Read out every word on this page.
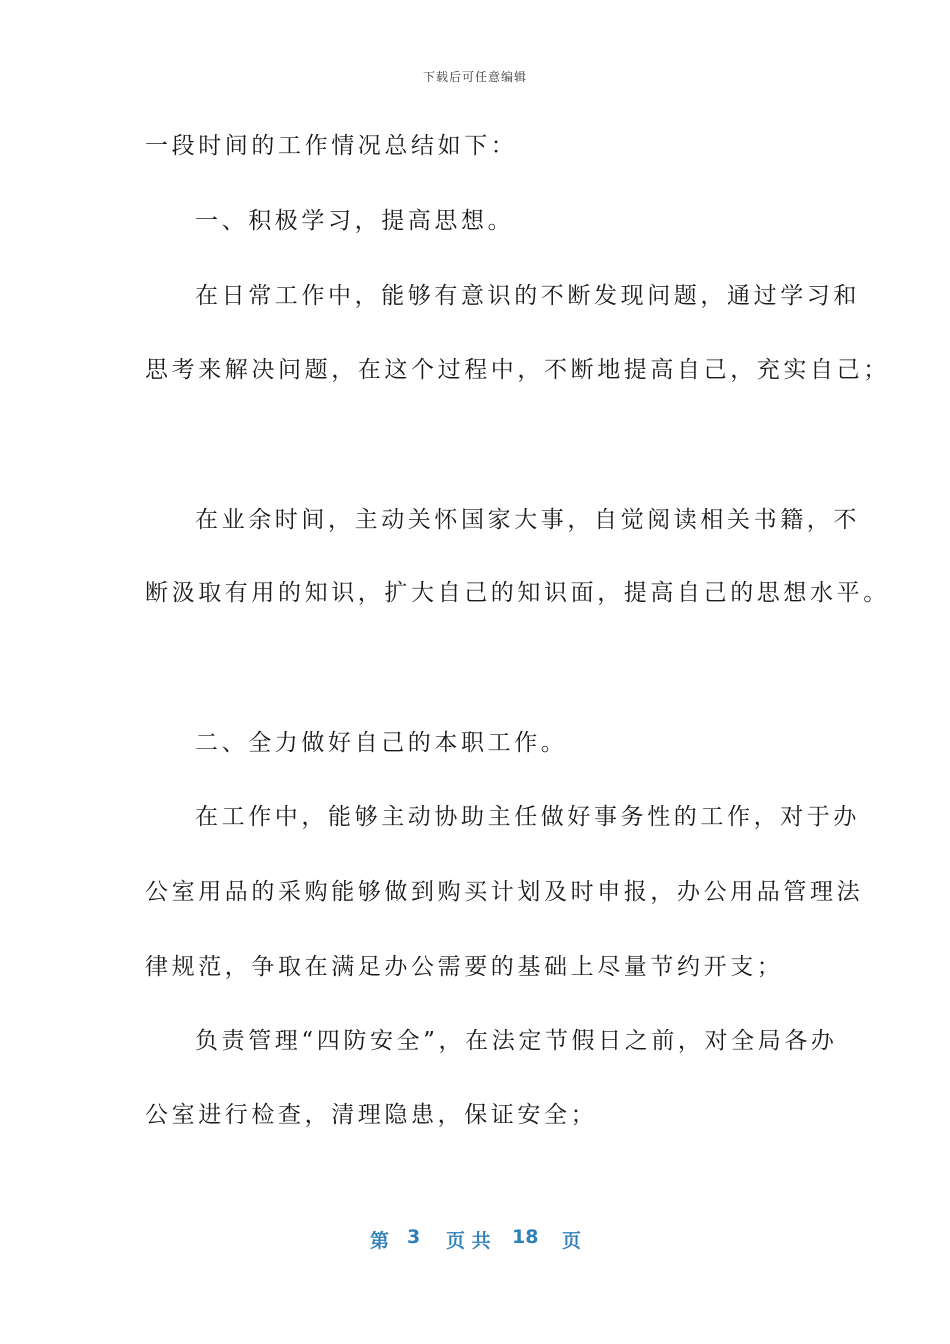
下载后可任意编辑
一段时间的工作情况总结如下：
一、积极学习，提高思想。
在日常工作中，能够有意识的不断发现问题，通过学习和
思考来解决问题，在这个过程中，不断地提高自己，充实自己；
在业余时间，主动关怀国家大事，自觉阅读相关书籍，不
断汲取有用的知识，扩大自己的知识面，提高自己的思想水平。
二、全力做好自己的本职工作。
在工作中，能够主动协助主任做好事务性的工作，对于办
公室用品的采购能够做到购买计划及时申报，办公用品管理法
律规范，争取在满足办公需要的基础上尽量节约开支；
负责管理“四防安全”，在法定节假日之前，对全局各办
公室进行检查，清理隐患，保证安全；
第 3 页 共 18 页
